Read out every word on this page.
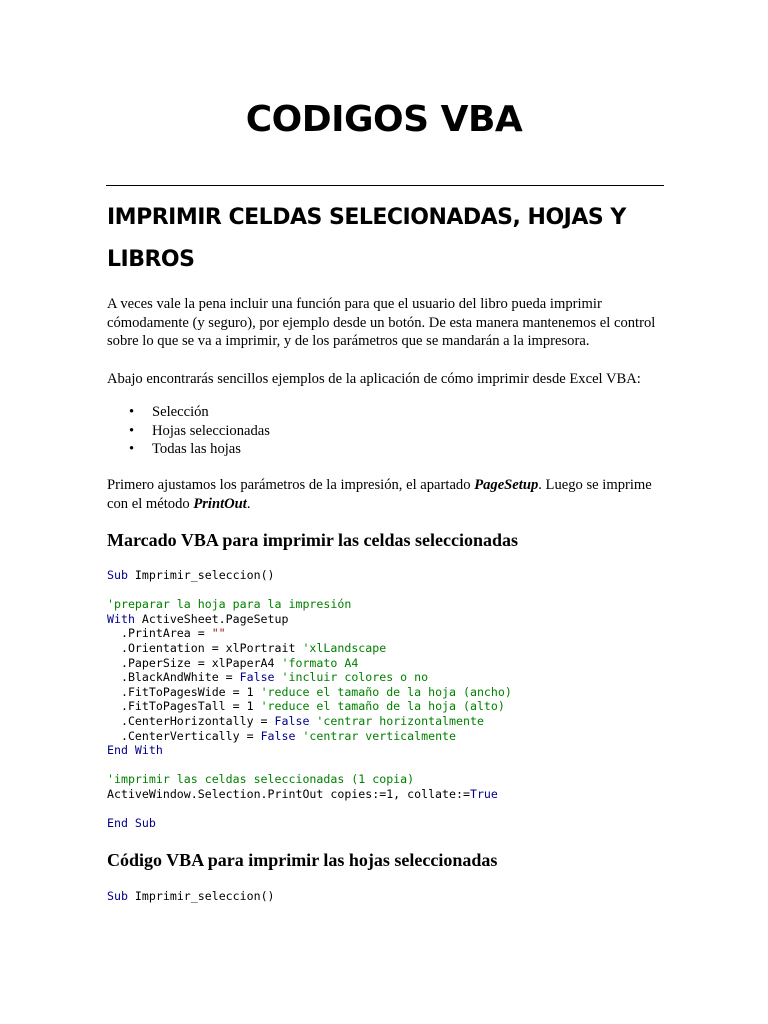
CODIGOS VBA
IMPRIMIR CELDAS SELECIONADAS, HOJAS Y LIBROS

A veces vale la pena incluir una función para que el usuario del libro pueda imprimir cómodamente (y seguro), por ejemplo desde un botón. De esta manera mantenemos el control sobre lo que se va a imprimir, y de los parámetros que se mandarán a la impresora.

Abajo encontrarás sencillos ejemplos de la aplicación de cómo imprimir desde Excel VBA:

• Selección
• Hojas seleccionadas
• Todas las hojas

Primero ajustamos los parámetros de la impresión, el apartado PageSetup. Luego se imprime con el método PrintOut.

Marcado VBA para imprimir las celdas seleccionadas
Sub Imprimir_seleccion()

'preparar la hoja para la impresión
With ActiveSheet.PageSetup
.PrintArea = ""
.Orientation = xlPortrait 'xlLandscape
.PaperSize = xlPaperA4 'formato A4
.BlackAndWhite = False 'incluir colores o no
.FitToPagesWide = 1 'reduce el tamaño de la hoja (ancho)
.FitToPagesTall = 1 'reduce el tamaño de la hoja (alto)
.CenterHorizontally = False 'centrar horizontalmente
.CenterVertically = False 'centrar verticalmente
End With

'imprimir las celdas seleccionadas (1 copia)
ActiveWindow.Selection.PrintOut copies:=1, collate:=True

End Sub
Código VBA para imprimir las hojas seleccionadas
Sub Imprimir_seleccion()
